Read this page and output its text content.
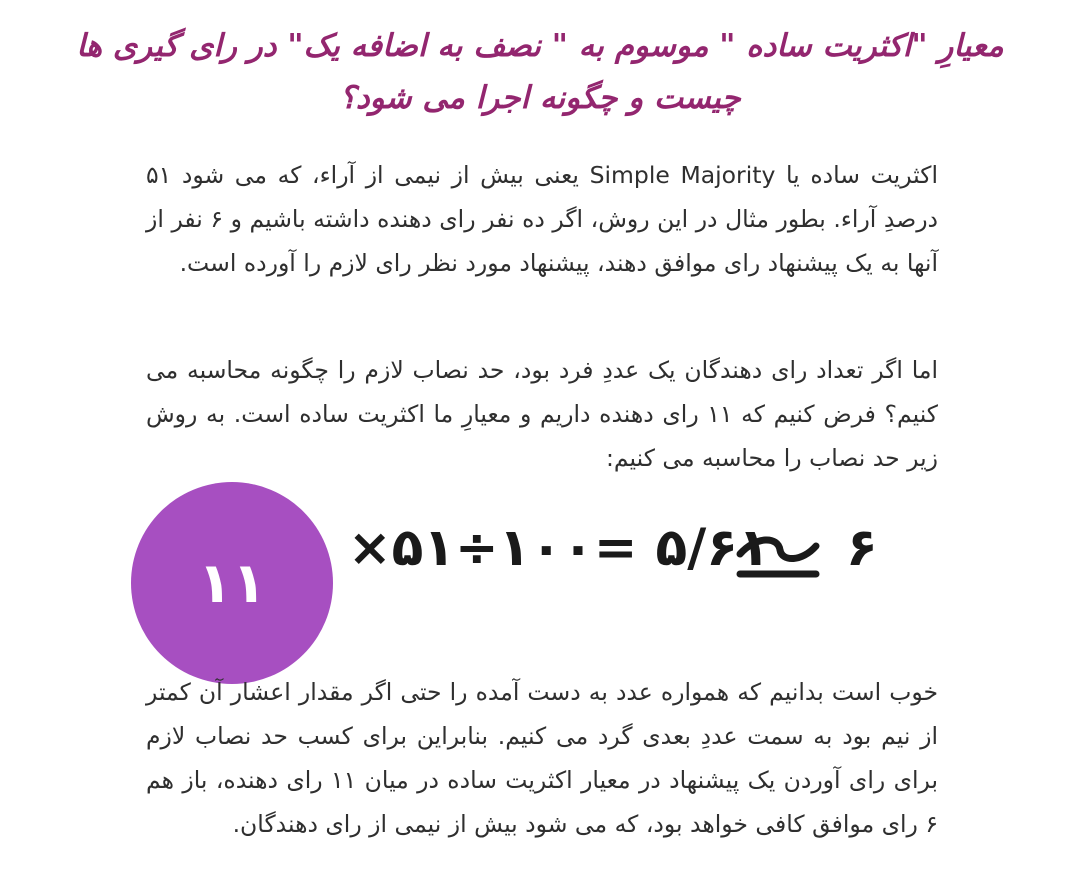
معیارِ "اکثریت ساده " موسوم به " نصف به اضافه یک" در رای گیری ها چیست و چگونه اجرا می شود؟

اکثریت ساده یا Simple Majority یعنی بیش از نیمی از آراء، که می شود ۵۱ درصدِ آراء. بطور مثال در این روش، اگر ده نفر رای دهنده داشته باشیم و ۶ نفر از آنها به یک پیشنهاد رای موافق دهند، پیشنهاد مورد نظر رای لازم را آورده است.

اما اگر تعداد رای دهندگان یک عددِ فرد بود، حد نصاب لازم را چگونه محاسبه می کنیم؟ فرض کنیم که ۱۱ رای دهنده داریم و معیارِ ما اکثریت ساده است. به روش زیر حد نصاب را محاسبه می کنیم:

۱۱
×۵۱÷۱۰۰= ۵/۶۱ ۶

خوب است بدانیم که همواره عدد به دست آمده را حتی اگر مقدار اعشار آن کمتر از نیم بود به سمت عددِ بعدی گرد می کنیم. بنابراین برای کسب حد نصاب لازم برای رای آوردن یک پیشنهاد در معیار اکثریت ساده در میان ۱۱ رای دهنده، باز هم ۶ رای موافق کافی خواهد بود، که می شود بیش از نیمی از رای دهندگان.
